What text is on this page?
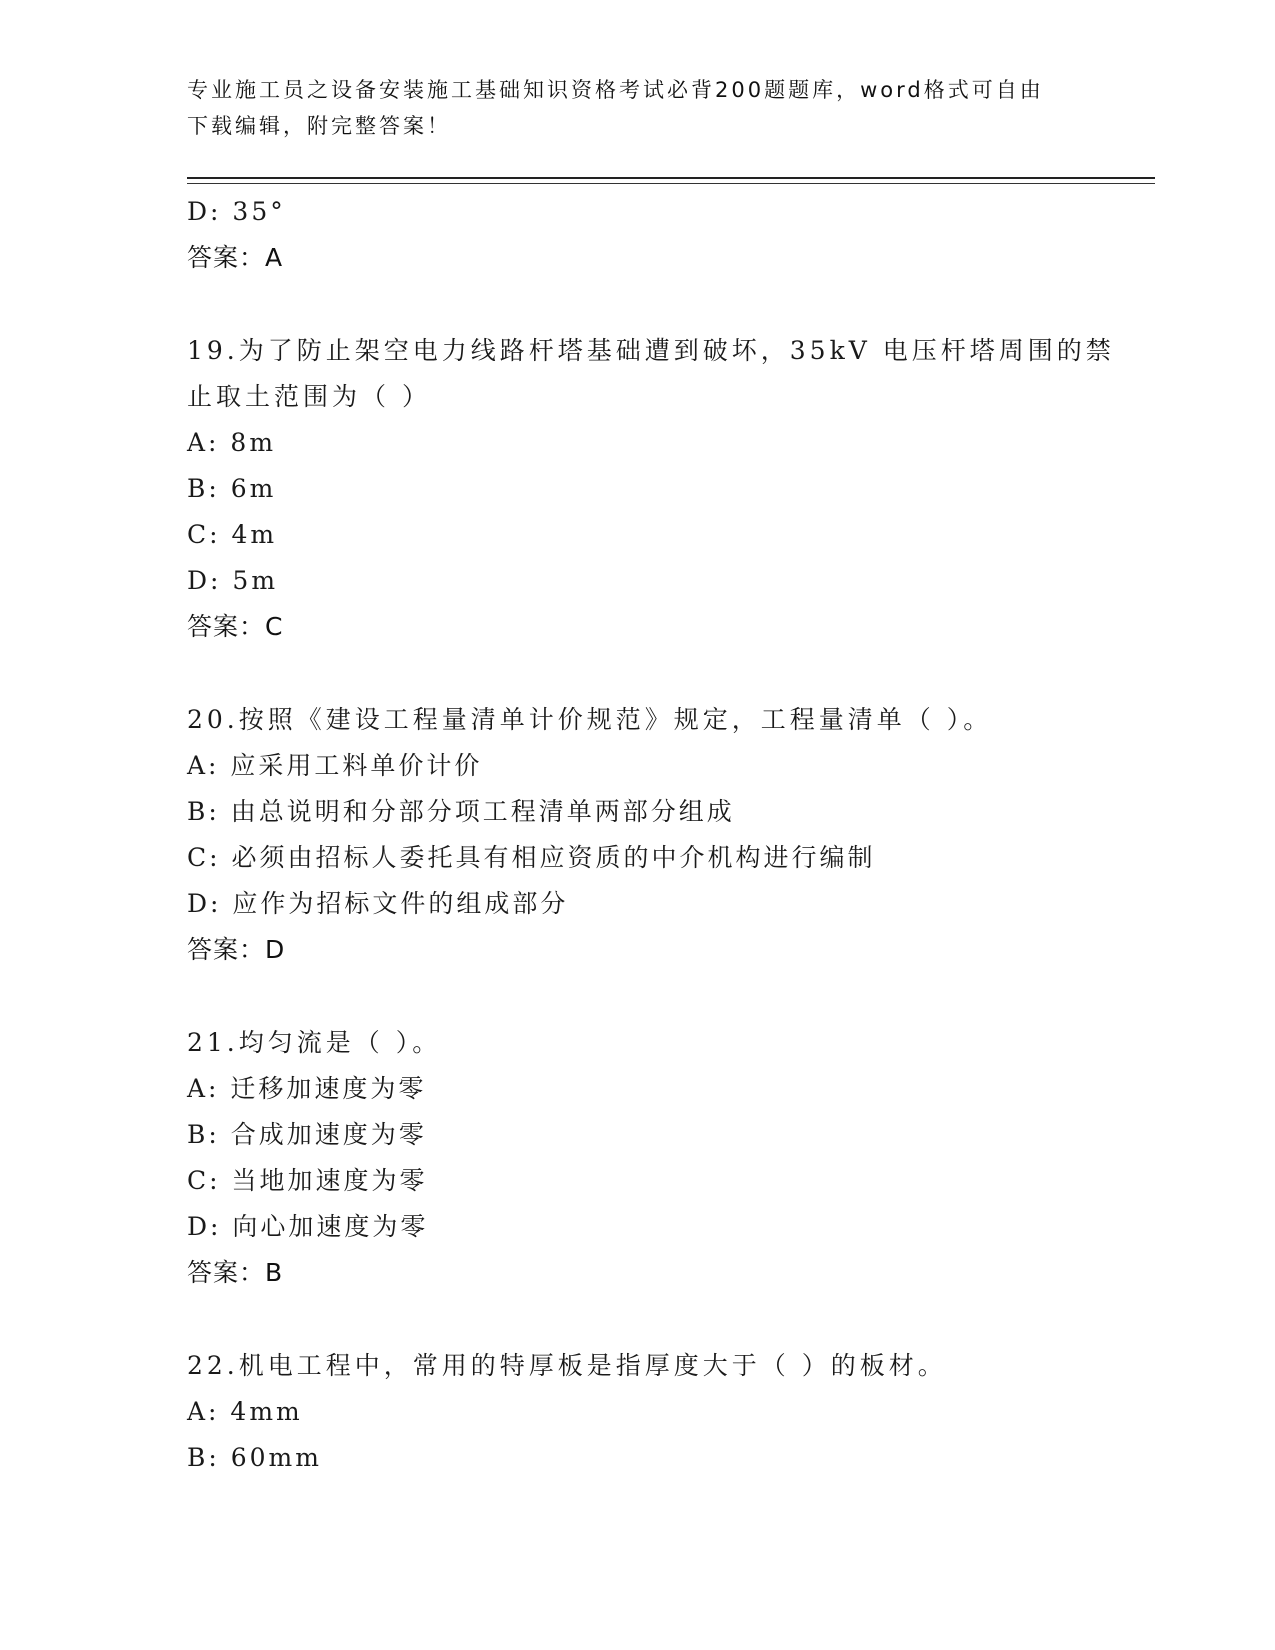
专业施工员之设备安装施工基础知识资格考试必背200题题库，word格式可自由
下载编辑，附完整答案！
D: 35°
答案：A
19.为了防止架空电力线路杆塔基础遭到破坏，35kV 电压杆塔周围的禁
止取土范围为（ ）
A: 8m
B: 6m
C: 4m
D: 5m
答案：C
20.按照《建设工程量清单计价规范》规定，工程量清单（ ）。
A: 应采用工料单价计价
B: 由总说明和分部分项工程清单两部分组成
C: 必须由招标人委托具有相应资质的中介机构进行编制
D: 应作为招标文件的组成部分
答案：D
21.均匀流是（ ）。
A: 迁移加速度为零
B: 合成加速度为零
C: 当地加速度为零
D: 向心加速度为零
答案：B
22.机电工程中，常用的特厚板是指厚度大于（ ）的板材。
A: 4mm
B: 60mm
